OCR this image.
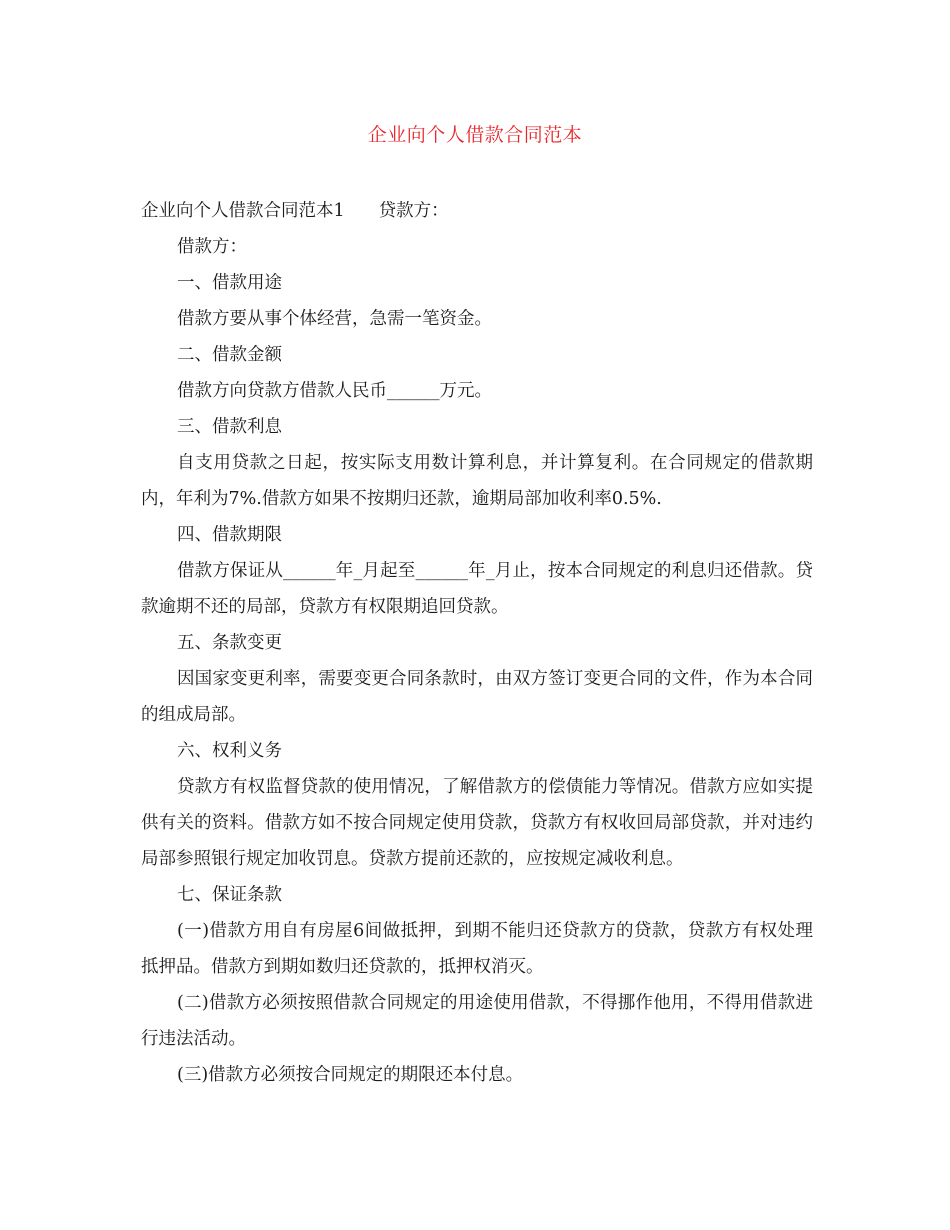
企业向个人借款合同范本

企业向个人借款合同范本1 贷款方：

借款方：

一、借款用途

借款方要从事个体经营，急需一笔资金。

二、借款金额

借款方向贷款方借款人民币______万元。

三、借款利息

自支用贷款之日起，按实际支用数计算利息，并计算复利。在合同规定的借款期内，年利为7%.借款方如果不按期归还款，逾期局部加收利率0.5%.

四、借款期限

借款方保证从______年_月起至______年_月止，按本合同规定的利息归还借款。贷款逾期不还的局部，贷款方有权限期追回贷款。

五、条款变更

因国家变更利率，需要变更合同条款时，由双方签订变更合同的文件，作为本合同的组成局部。

六、权利义务

贷款方有权监督贷款的使用情况，了解借款方的偿债能力等情况。借款方应如实提供有关的资料。借款方如不按合同规定使用贷款，贷款方有权收回局部贷款，并对违约局部参照银行规定加收罚息。贷款方提前还款的，应按规定减收利息。

七、保证条款

(一)借款方用自有房屋6间做抵押，到期不能归还贷款方的贷款，贷款方有权处理抵押品。借款方到期如数归还贷款的，抵押权消灭。

(二)借款方必须按照借款合同规定的用途使用借款，不得挪作他用，不得用借款进行违法活动。

(三)借款方必须按合同规定的期限还本付息。
